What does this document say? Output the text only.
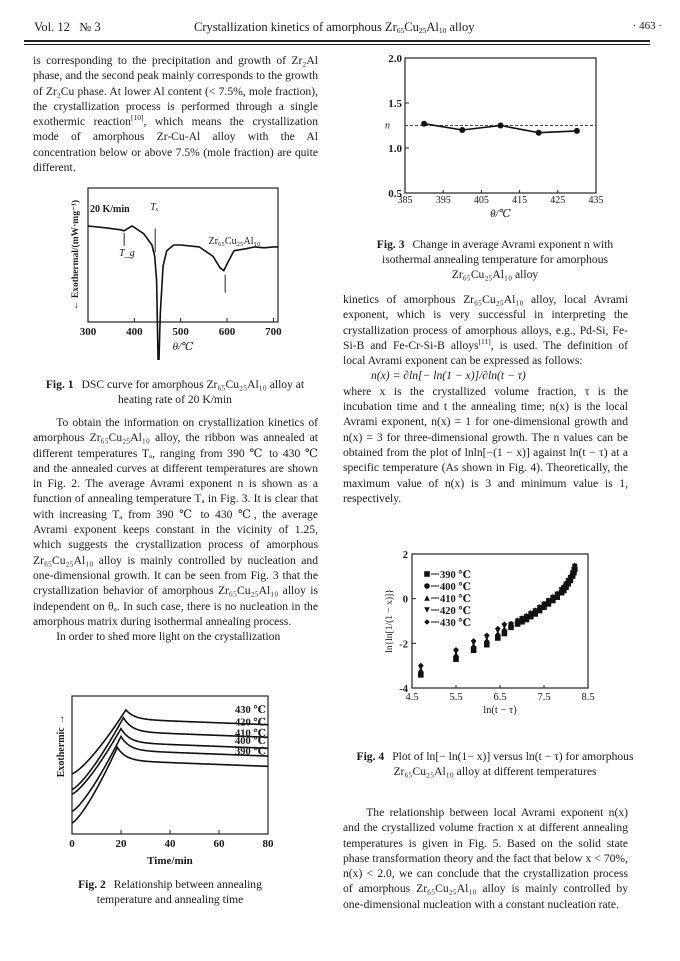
Vol. 12 № 3	Crystallization kinetics of amorphous $Zr_{65}Cu_{25}Al_{10}$ alloy	· 463 ·

is corresponding to the precipitation and growth of Zr₂Al phase, and the second peak mainly corresponds to the growth of Zr₂Cu phase. At lower Al content (< 7.5%, mole fraction), the crystallization process is performed through a single exothermic reaction[10], which means the crystallization mode of amorphous Zr-Cu-Al alloy with the Al concentration below or above 7.5% (mole fraction) are quite different.

300	400	500	600	700
20 K/min Tₓ
T_g
Zr₆₅Cu₂₅Al₁₀
θ/℃
← Exothermal/(mW·mg⁻¹)
Fig. 1 DSC curve for amorphous Zr₆₅Cu₂₅Al₁₀ alloy at heating rate of 20 K/min

To obtain the information on crystallization kinetics of amorphous Zr₆₅Cu₂₅Al₁₀ alloy, the ribbon was annealed at different temperatures Tₐ, ranging from 390 ℃ to 430 ℃ and the annealed curves at different temperatures are shown in Fig. 2. The average Avrami exponent n is shown as a function of annealing temperature Tₐ in Fig. 3. It is clear that with increasing Tₐ from 390 ℃ to 430 ℃, the average Avrami exponent keeps constant in the vicinity of 1.25, which suggests the crystallization process of amorphous Zr₆₅Cu₂₅Al₁₀ alloy is mainly controlled by nucleation and one-dimensional growth. It can be seen from Fig. 3 that the crystallization behavior of amorphous Zr₆₅Cu₂₅Al₁₀ alloy is independent on θₐ. In such case, there is no nucleation in the amorphous matrix during isothermal annealing process.

In order to shed more light on the crystallization

0	20	40	60	80
430 ℃
420 ℃
410 ℃
400 ℃
390 ℃
Time/min
Exothermic →
Fig. 2 Relationship between annealing temperature and annealing time
385 395 405 415 425 435
0.5
1.0
1.5
2.0
n
θ/℃
Fig. 3 Change in average Avrami exponent n with isothermal annealing temperature for amorphous Zr₆₅Cu₂₅Al₁₀ alloy

kinetics of amorphous Zr₆₅Cu₂₅Al₁₀ alloy, local Avrami exponent, which is very successful in interpreting the crystallization process of amorphous alloys, e.g., Pd-Si, Fe-Si-B and Fe-Cr-Si-B alloys[11], is used. The definition of local Avrami exponent can be expressed as follows:

n(x) = ∂ln[− ln(1 − x)]/∂ln(t − τ)

where x is the crystallized volume fraction, τ is the incubation time and t the annealing time; n(x) is the local Avrami exponent, n(x) = 1 for one-dimensional growth and n(x) = 3 for three-dimensional growth. The n values can be obtained from the plot of lnln[−(1 − x)] against ln(t − τ) at a specific temperature (As shown in Fig. 4). Theoretically, the maximum value of n(x) is 3 and minimum value is 1, respectively.

4.5	5.5	6.5	7.5	8.5
-4
-2
0
2
390 ℃
400 ℃
410 ℃
420 ℃
430 ℃
ln(t − τ)
ln{ln[1/(1 − x)]}
Fig. 4 Plot of ln[− ln(1− x)] versus ln(t − τ) for amorphous Zr₆₅Cu₂₅Al₁₀ alloy at different temperatures

The relationship between local Avrami exponent n(x) and the crystallized volume fraction x at different annealing temperatures is given in Fig. 5. Based on the solid state phase transformation theory and the fact that below x < 70%, n(x) < 2.0, we can conclude that the crystallization process of amorphous Zr₆₅Cu₂₅Al₁₀ alloy is mainly controlled by one-dimensional nucleation with a constant nucleation rate.
